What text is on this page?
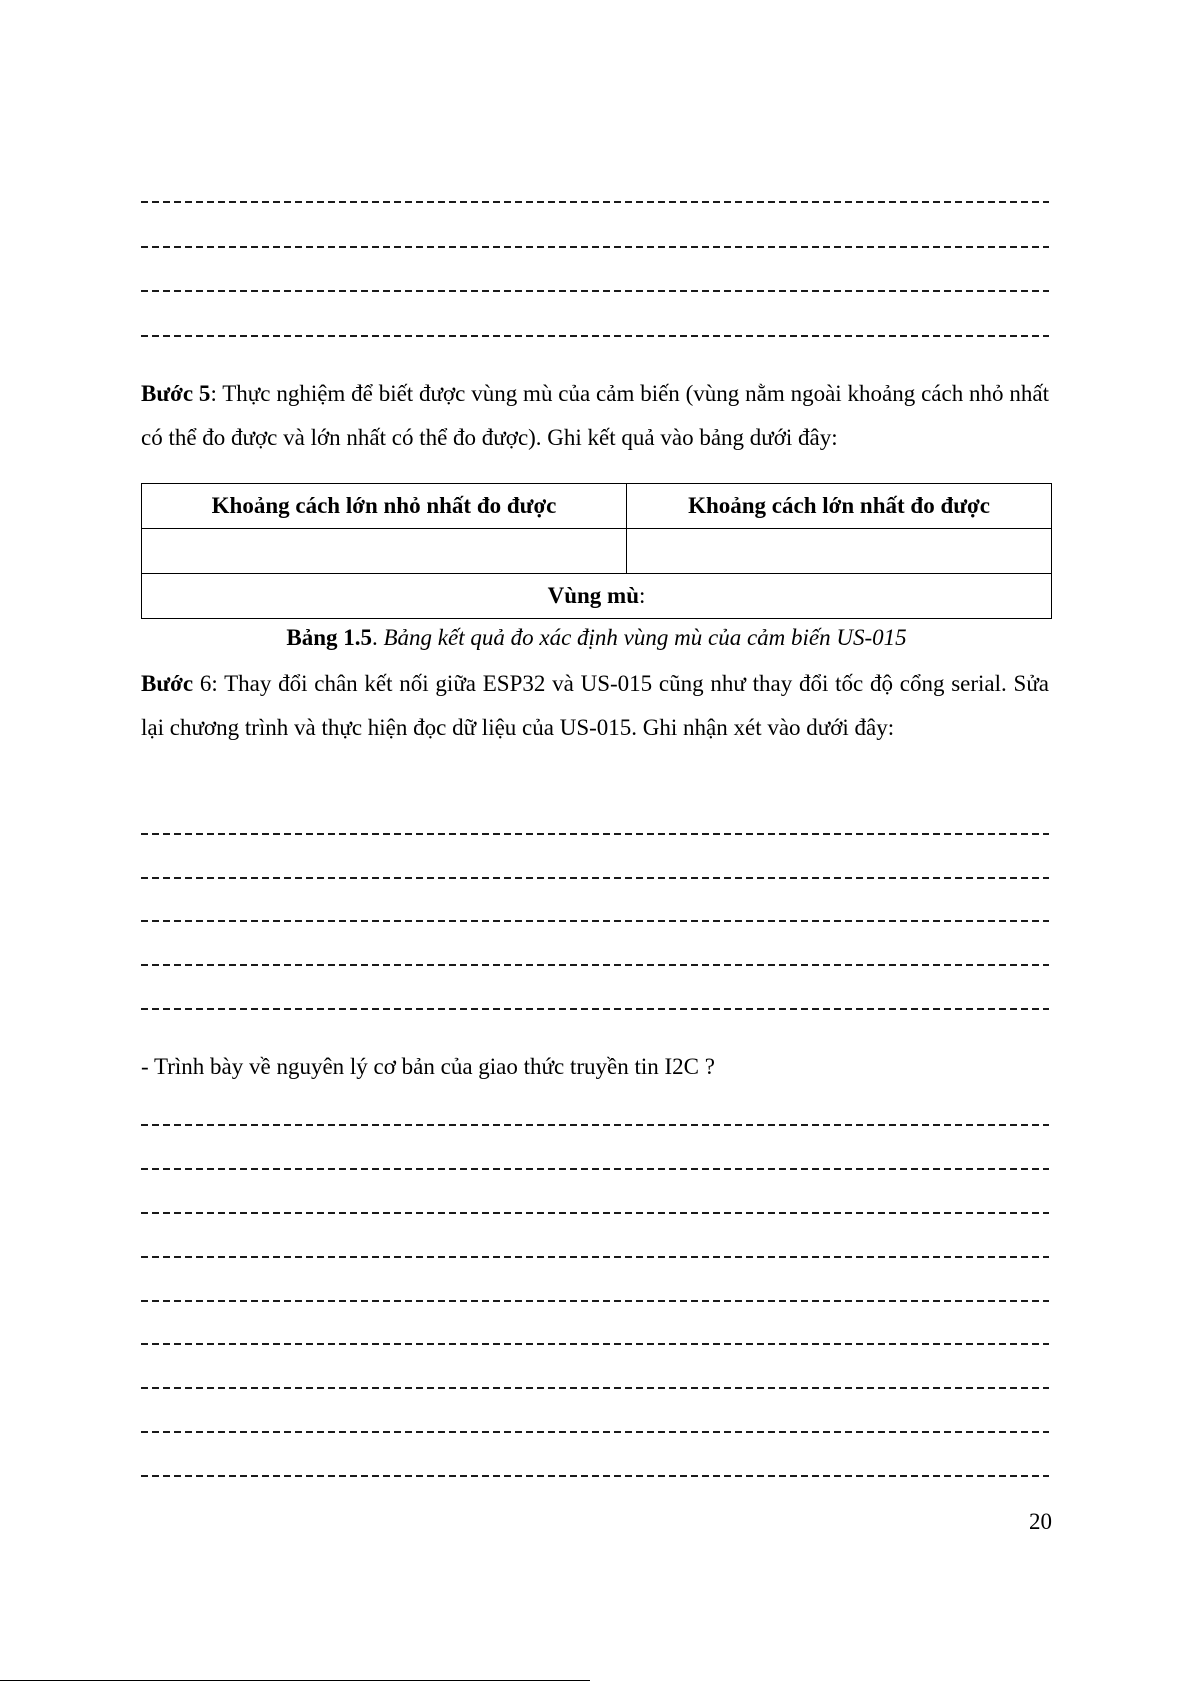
Bước 5: Thực nghiệm để biết được vùng mù của cảm biến (vùng nằm ngoài khoảng cách nhỏ nhất có thể đo được và lớn nhất có thể đo được). Ghi kết quả vào bảng dưới đây:
Khoảng cách lớn nhỏ nhất đo được	Khoảng cách lớn nhất đo được

Vùng mù:	
Bảng 1.5. Bảng kết quả đo xác định vùng mù của cảm biến US-015
Bước 6: Thay đổi chân kết nối giữa ESP32 và US-015 cũng như thay đổi tốc độ cổng serial. Sửa lại chương trình và thực hiện đọc dữ liệu của US-015. Ghi nhận xét vào dưới đây:
- Trình bày về nguyên lý cơ bản của giao thức truyền tin I2C ?
20
